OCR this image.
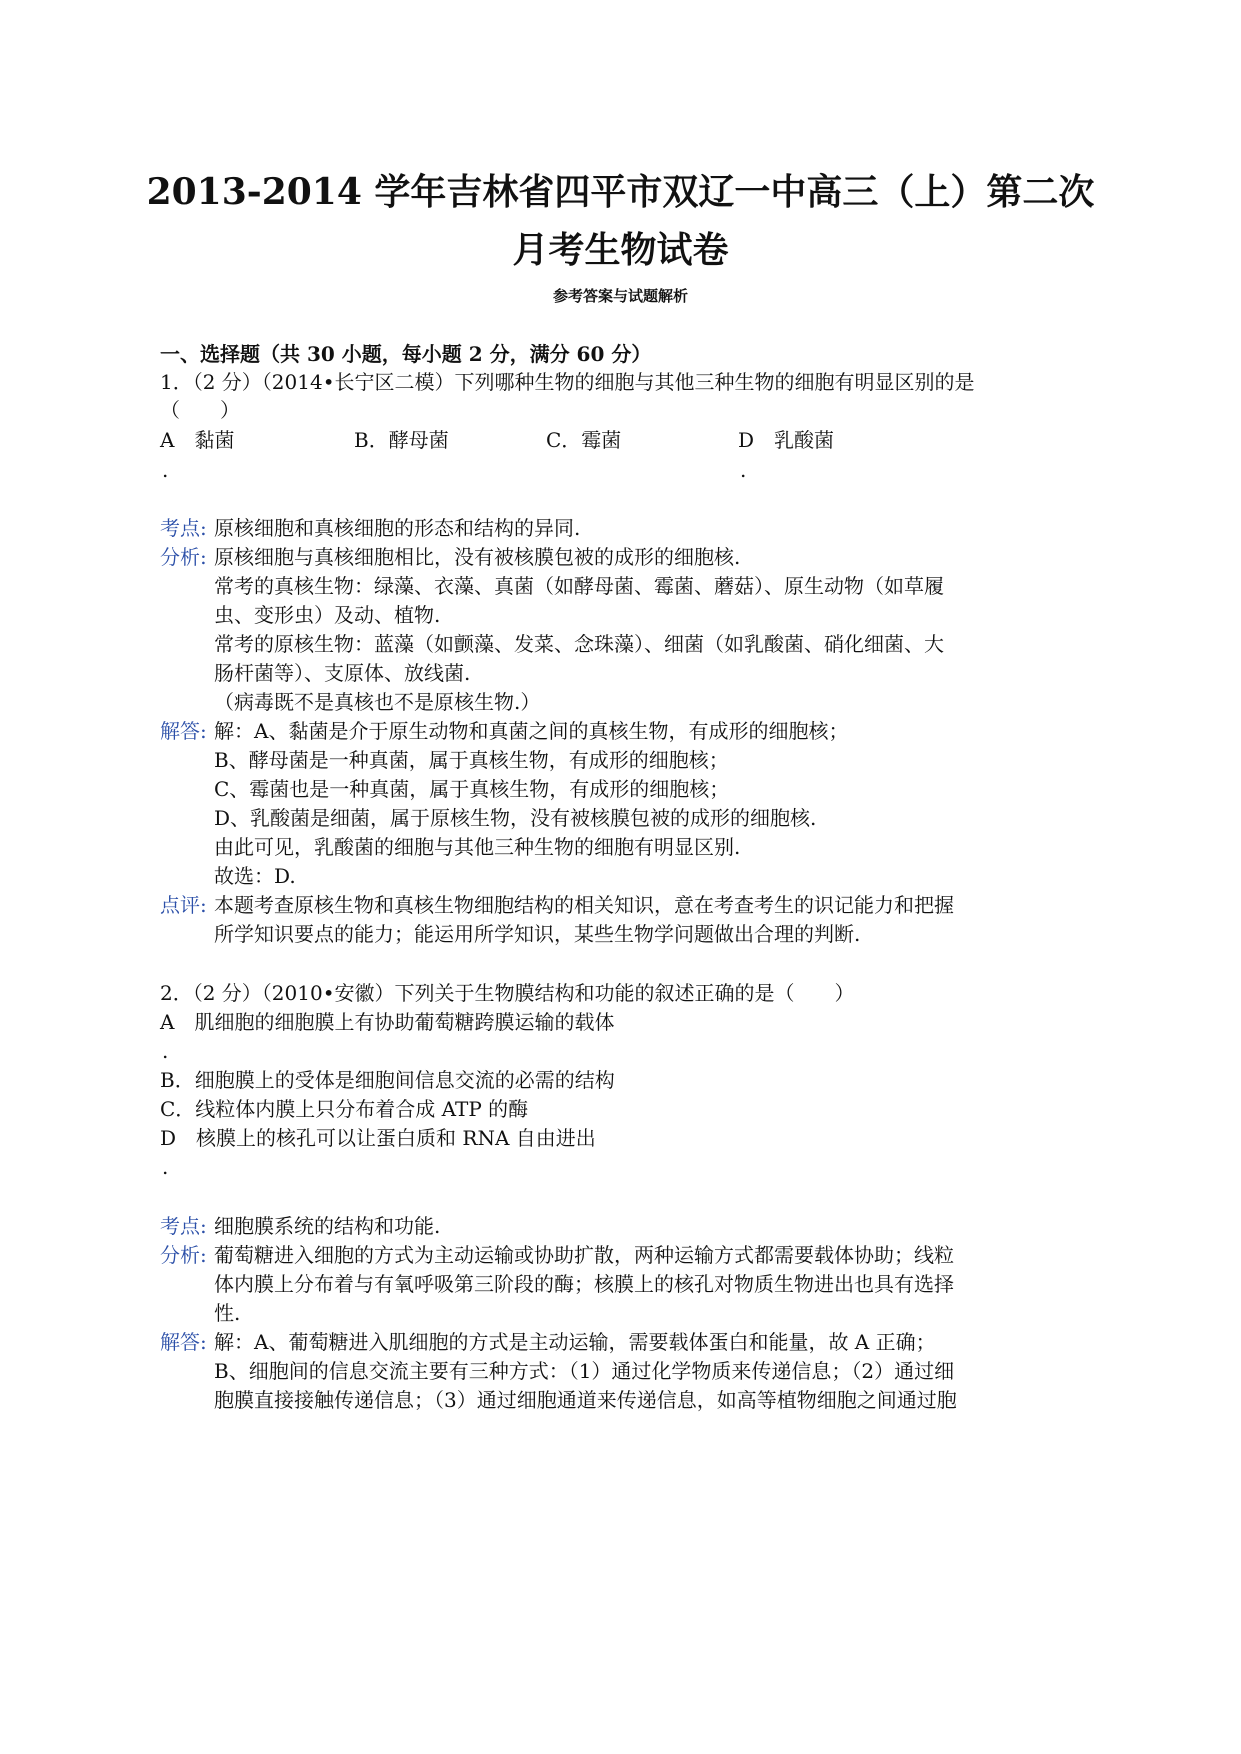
2013-2014 学年吉林省四平市双辽一中高三（上）第二次
月考生物试卷
参考答案与试题解析
一、选择题（共 30 小题，每小题 2 分，满分 60 分）
1．（2 分）（2014•长宁区二模）下列哪种生物的细胞与其他三种生物的细胞有明显区别的是
（　　）
A　黏菌	B．酵母菌	C．霉菌	D　乳酸菌
.	.
考点: 原核细胞和真核细胞的形态和结构的异同.
分析: 原核细胞与真核细胞相比，没有被核膜包被的成形的细胞核.
常考的真核生物：绿藻、衣藻、真菌（如酵母菌、霉菌、蘑菇）、原生动物（如草履
虫、变形虫）及动、植物.
常考的原核生物：蓝藻（如颤藻、发菜、念珠藻）、细菌（如乳酸菌、硝化细菌、大
肠杆菌等）、支原体、放线菌.
（病毒既不是真核也不是原核生物.）
解答: 解：A、黏菌是介于原生动物和真菌之间的真核生物，有成形的细胞核；
B、酵母菌是一种真菌，属于真核生物，有成形的细胞核；
C、霉菌也是一种真菌，属于真核生物，有成形的细胞核；
D、乳酸菌是细菌，属于原核生物，没有被核膜包被的成形的细胞核.
由此可见，乳酸菌的细胞与其他三种生物的细胞有明显区别.
故选：D.
点评: 本题考查原核生物和真核生物细胞结构的相关知识，意在考查考生的识记能力和把握
所学知识要点的能力；能运用所学知识，某些生物学问题做出合理的判断.
2．（2 分）（2010•安徽）下列关于生物膜结构和功能的叙述正确的是（　　）
A　肌细胞的细胞膜上有协助葡萄糖跨膜运输的载体
.
B．细胞膜上的受体是细胞间信息交流的必需的结构
C．线粒体内膜上只分布着合成 ATP 的酶
D　核膜上的核孔可以让蛋白质和 RNA 自由进出
.
考点: 细胞膜系统的结构和功能.
分析: 葡萄糖进入细胞的方式为主动运输或协助扩散，两种运输方式都需要载体协助；线粒
体内膜上分布着与有氧呼吸第三阶段的酶；核膜上的核孔对物质生物进出也具有选择
性.
解答: 解：A、葡萄糖进入肌细胞的方式是主动运输，需要载体蛋白和能量，故 A 正确；
B、细胞间的信息交流主要有三种方式：（1）通过化学物质来传递信息；（2）通过细
胞膜直接接触传递信息；（3）通过细胞通道来传递信息，如高等植物细胞之间通过胞
